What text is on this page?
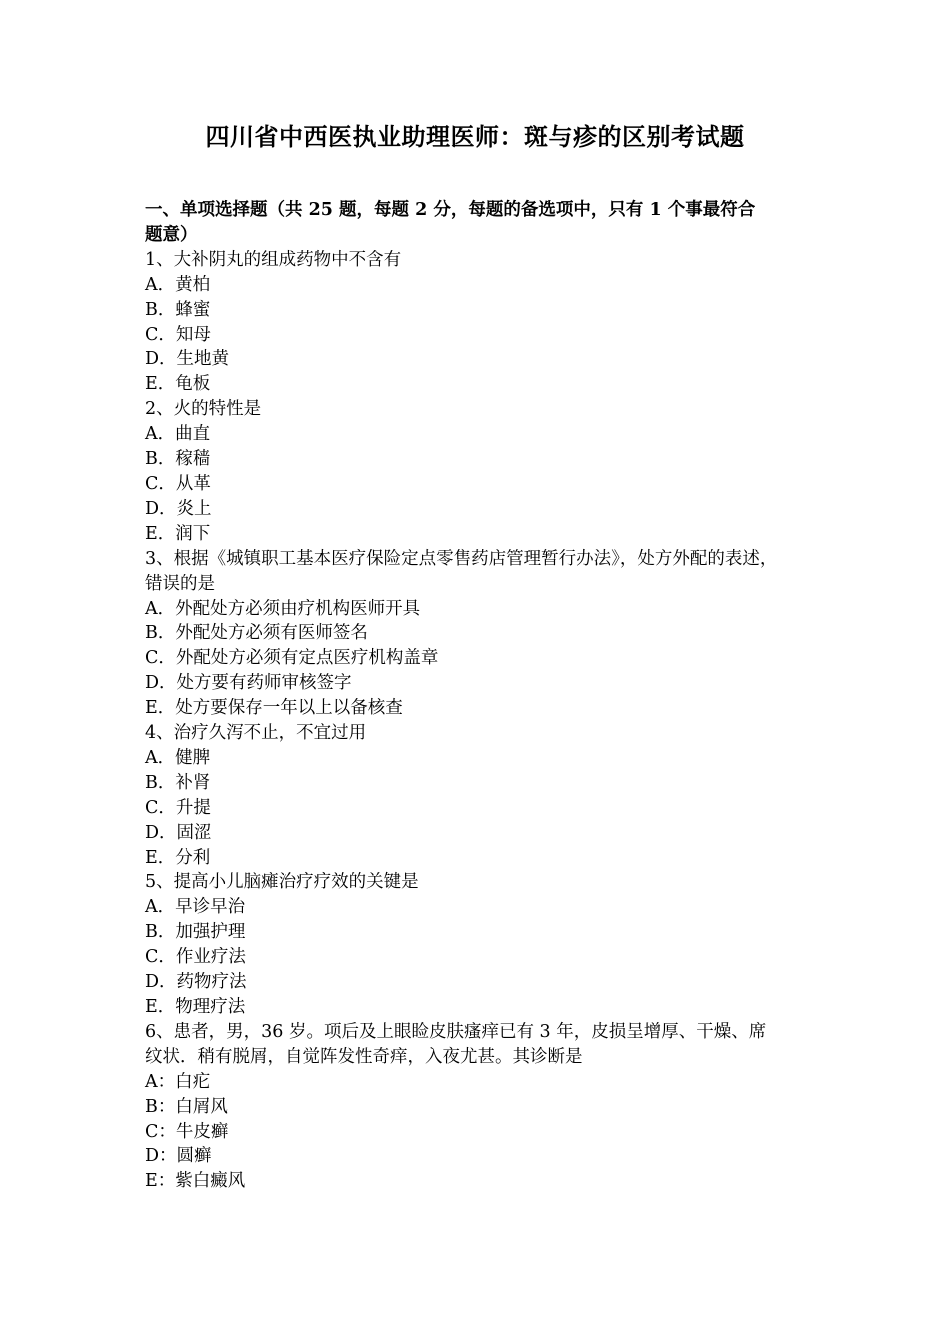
四川省中西医执业助理医师：斑与疹的区别考试题
一、单项选择题（共 25 题，每题 2 分，每题的备选项中，只有 1 个事最符合
题意）
1、大补阴丸的组成药物中不含有
A．黄柏
B．蜂蜜
C．知母
D．生地黄
E．龟板
2、火的特性是
A．曲直
B．稼穑
C．从革
D．炎上
E．润下
3、根据《城镇职工基本医疗保险定点零售药店管理暂行办法》，处方外配的表述，
错误的是
A．外配处方必须由疗机构医师开具
B．外配处方必须有医师签名
C．外配处方必须有定点医疗机构盖章
D．处方要有药师审核签字
E．处方要保存一年以上以备核查
4、治疗久泻不止，不宜过用
A．健脾
B．补肾
C．升提
D．固涩
E．分利
5、提高小儿脑瘫治疗疗效的关键是
A．早诊早治
B．加强护理
C．作业疗法
D．药物疗法
E．物理疗法
6、患者，男，36 岁。项后及上眼睑皮肤瘙痒已有 3 年，皮损呈增厚、干燥、席
纹状．稍有脱屑，自觉阵发性奇痒，入夜尤甚。其诊断是
A：白疕
B：白屑风
C：牛皮癣
D：圆癣
E：紫白癜风
